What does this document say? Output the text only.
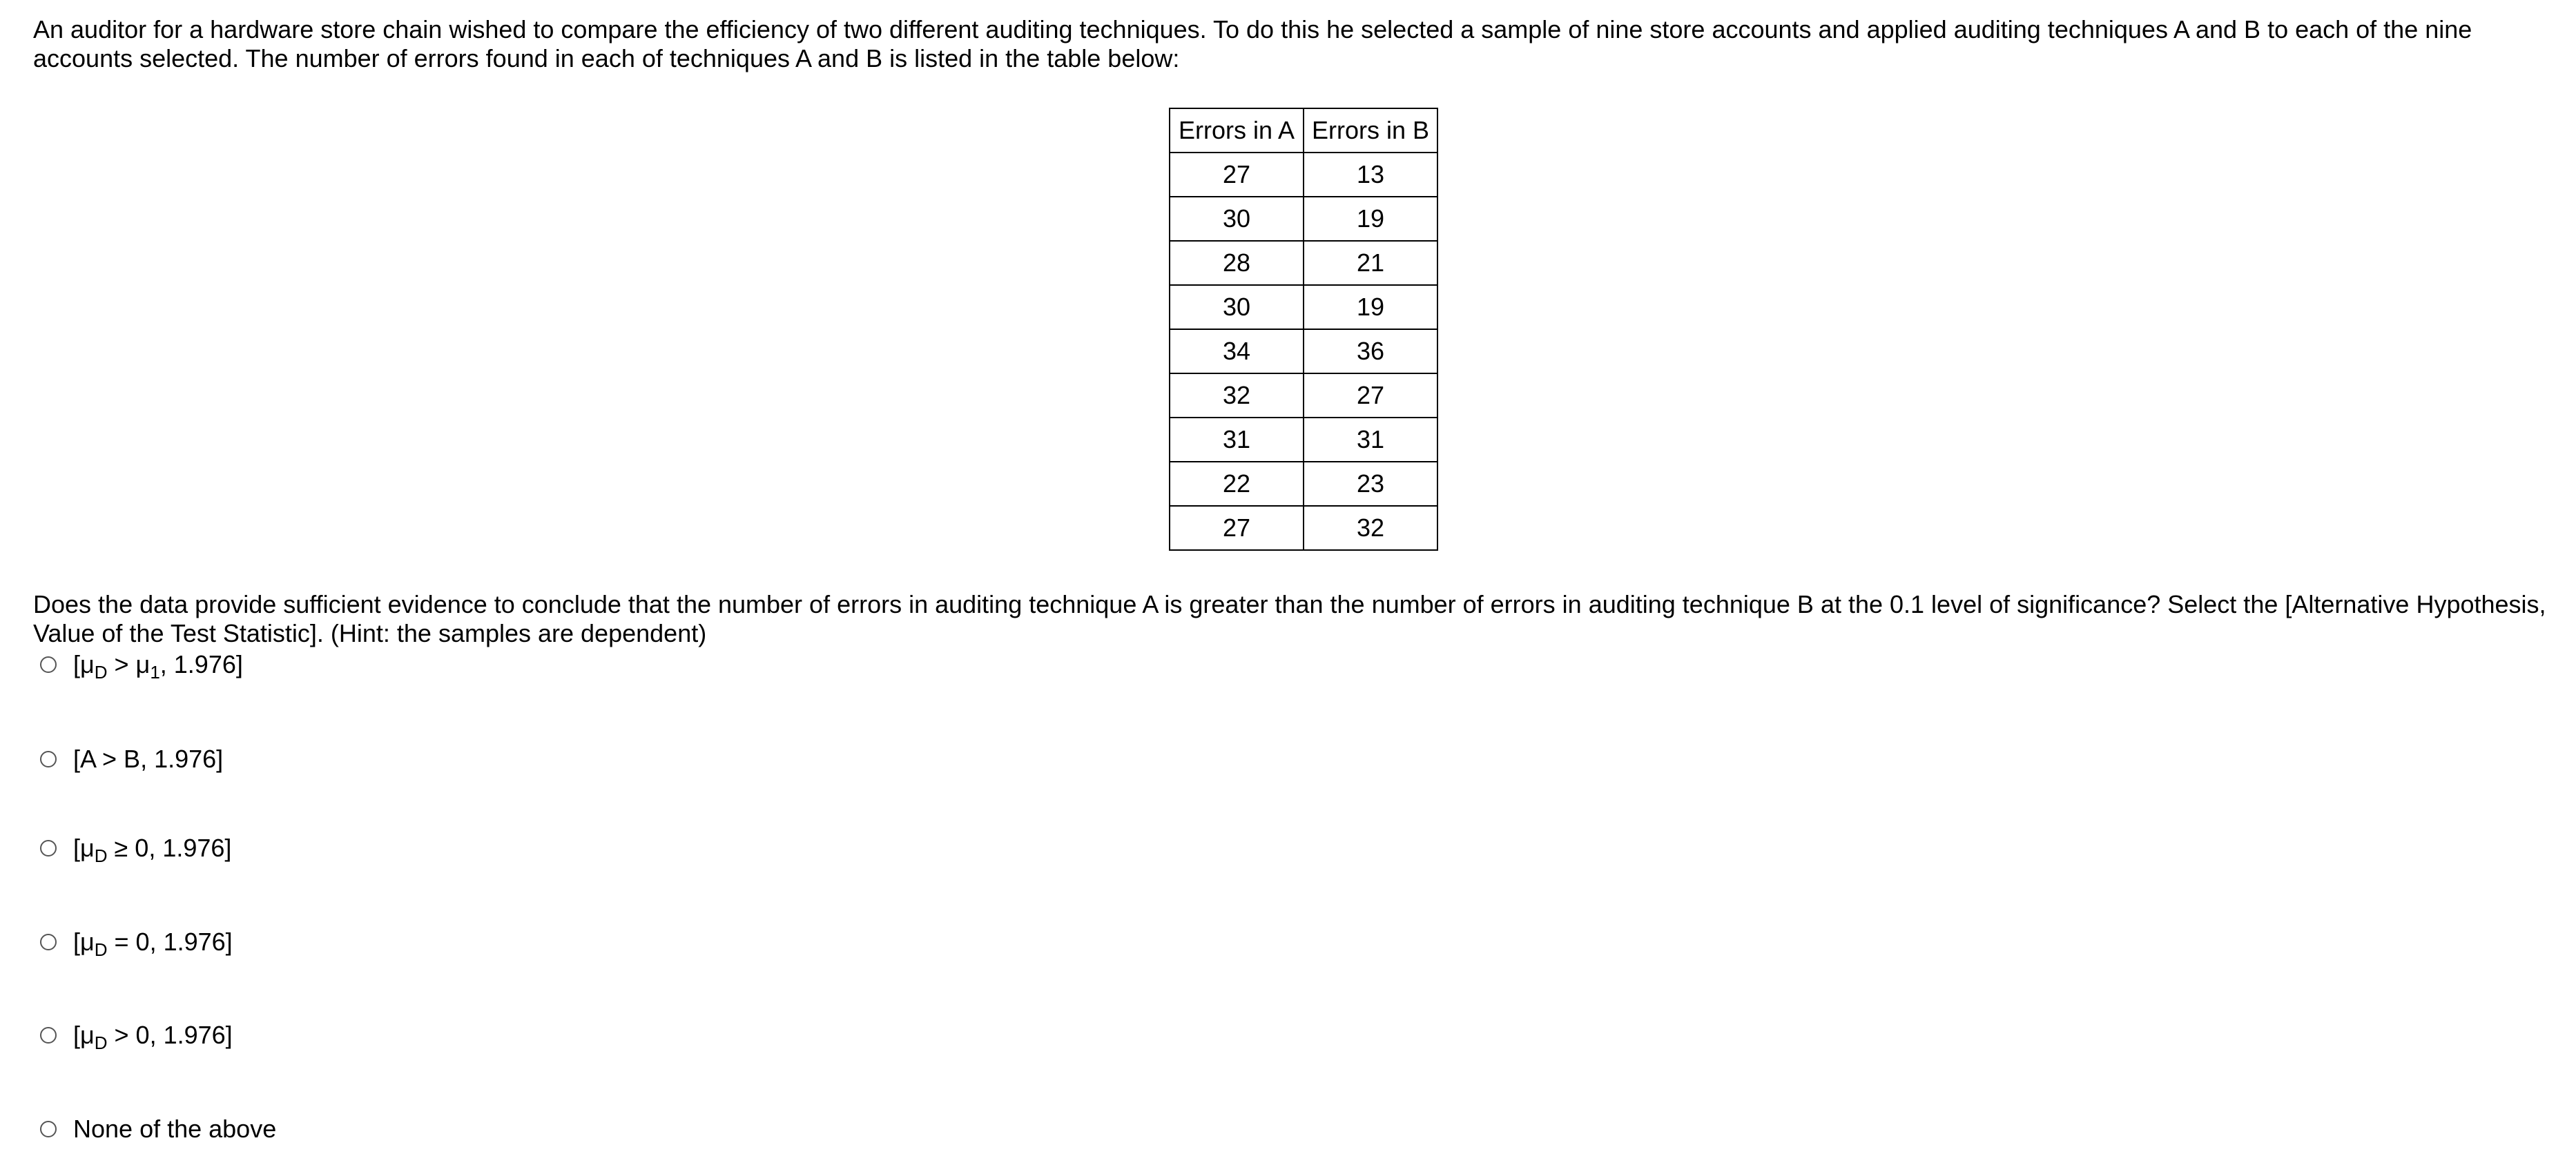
An auditor for a hardware store chain wished to compare the efficiency of two different auditing techniques. To do this he selected a sample of nine store accounts and applied auditing techniques A and B to each of the nine accounts selected. The number of errors found in each of techniques A and B is listed in the table below:
Errors in A	Errors in B
27	13
30	19
28	21
30	19
34	36
32	27
31	31
22	23
27	32
Does the data provide sufficient evidence to conclude that the number of errors in auditing technique A is greater than the number of errors in auditing technique B at the 0.1 level of significance? Select the [Alternative Hypothesis, Value of the Test Statistic]. (Hint: the samples are dependent)
[$\mu_D > \mu_1$, 1.976]
[A > B, 1.976]
[$\mu_D \ge 0$, 1.976]
[$\mu_D = 0$, 1.976]
[$\mu_D > 0$, 1.976]
None of the above
